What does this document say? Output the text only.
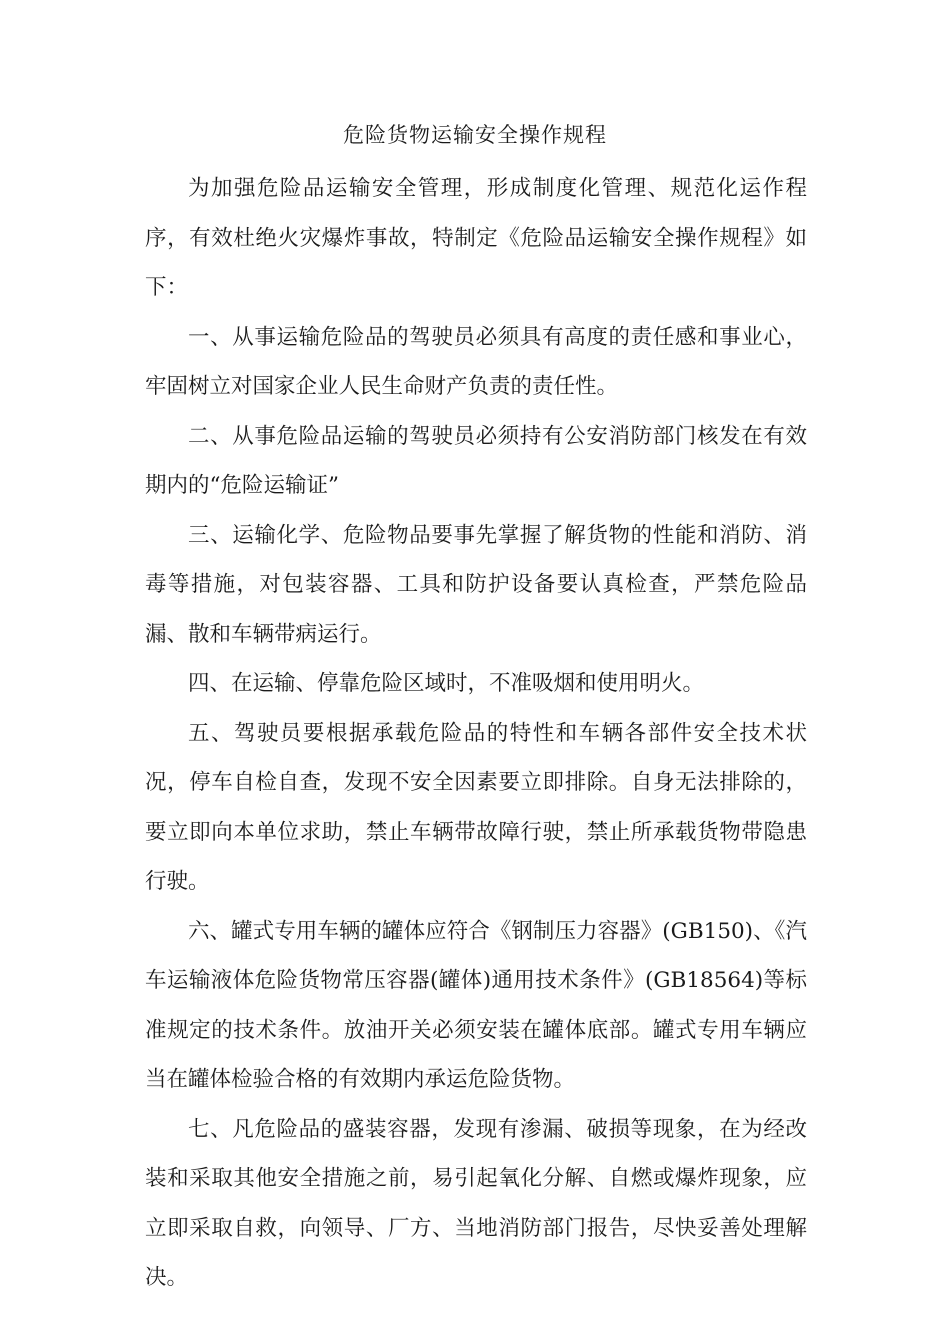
危险货物运输安全操作规程

为加强危险品运输安全管理，形成制度化管理、规范化运作程序，有效杜绝火灾爆炸事故，特制定《危险品运输安全操作规程》如下：

一、从事运输危险品的驾驶员必须具有高度的责任感和事业心，牢固树立对国家企业人民生命财产负责的责任性。

二、从事危险品运输的驾驶员必须持有公安消防部门核发在有效期内的“危险运输证”

三、运输化学、危险物品要事先掌握了解货物的性能和消防、消毒等措施，对包装容器、工具和防护设备要认真检查，严禁危险品漏、散和车辆带病运行。

四、在运输、停靠危险区域时，不准吸烟和使用明火。

五、驾驶员要根据承载危险品的特性和车辆各部件安全技术状况，停车自检自查，发现不安全因素要立即排除。自身无法排除的，要立即向本单位求助，禁止车辆带故障行驶，禁止所承载货物带隐患行驶。

六、罐式专用车辆的罐体应符合《钢制压力容器》(GB150)、《汽车运输液体危险货物常压容器(罐体)通用技术条件》(GB18564)等标准规定的技术条件。放油开关必须安装在罐体底部。罐式专用车辆应当在罐体检验合格的有效期内承运危险货物。

七、凡危险品的盛装容器，发现有渗漏、破损等现象，在为经改装和采取其他安全措施之前，易引起氧化分解、自燃或爆炸现象，应立即采取自救，向领导、厂方、当地消防部门报告，尽快妥善处理解决。
